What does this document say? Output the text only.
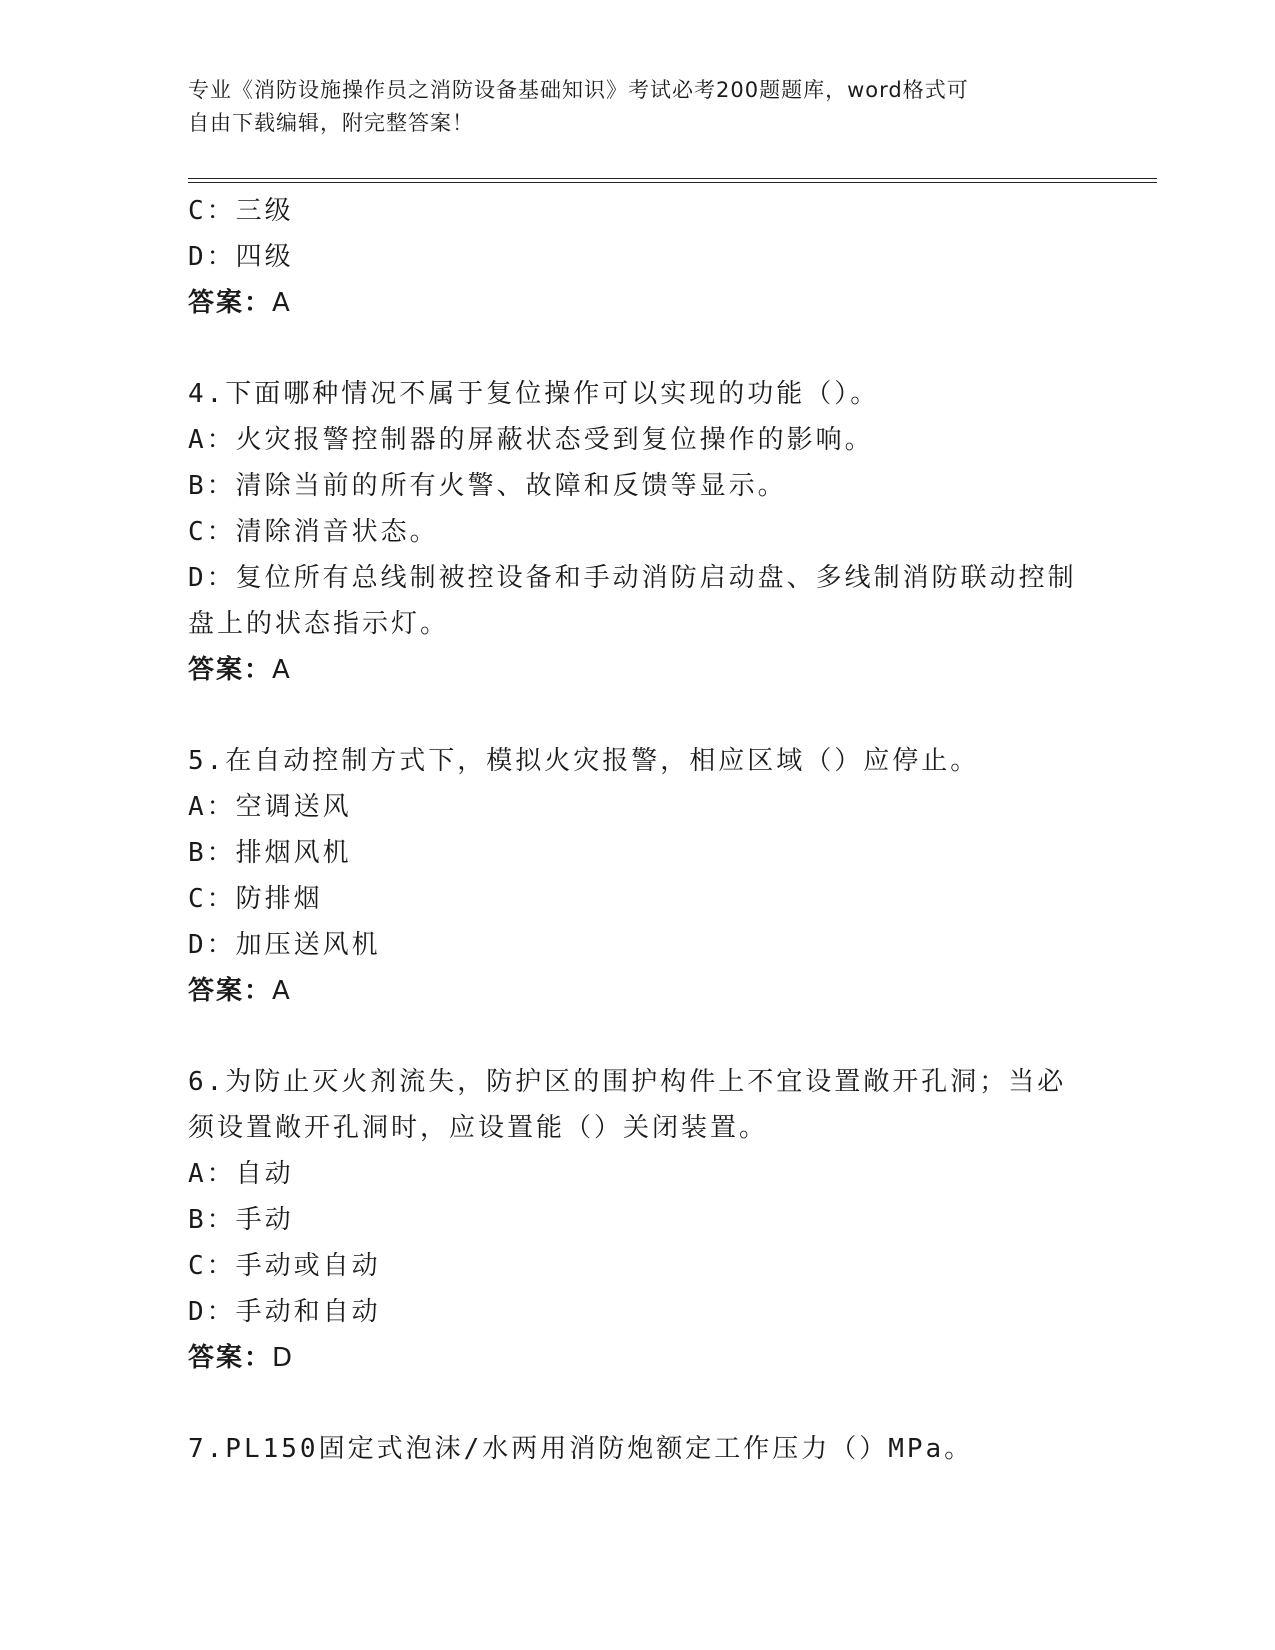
专业《消防设施操作员之消防设备基础知识》考试必考200题题库，word格式可
自由下载编辑，附完整答案！
C：三级
D：四级
答案：A
4.下面哪种情况不属于复位操作可以实现的功能（）。
A：火灾报警控制器的屏蔽状态受到复位操作的影响。
B：清除当前的所有火警、故障和反馈等显示。
C：清除消音状态。
D：复位所有总线制被控设备和手动消防启动盘、多线制消防联动控制
盘上的状态指示灯。
答案：A
5.在自动控制方式下，模拟火灾报警，相应区域（）应停止。
A：空调送风
B：排烟风机
C：防排烟
D：加压送风机
答案：A
6.为防止灭火剂流失，防护区的围护构件上不宜设置敞开孔洞；当必
须设置敞开孔洞时，应设置能（）关闭装置。
A：自动
B：手动
C：手动或自动
D：手动和自动
答案：D
7.PL150固定式泡沫/水两用消防炮额定工作压力（）MPa。
